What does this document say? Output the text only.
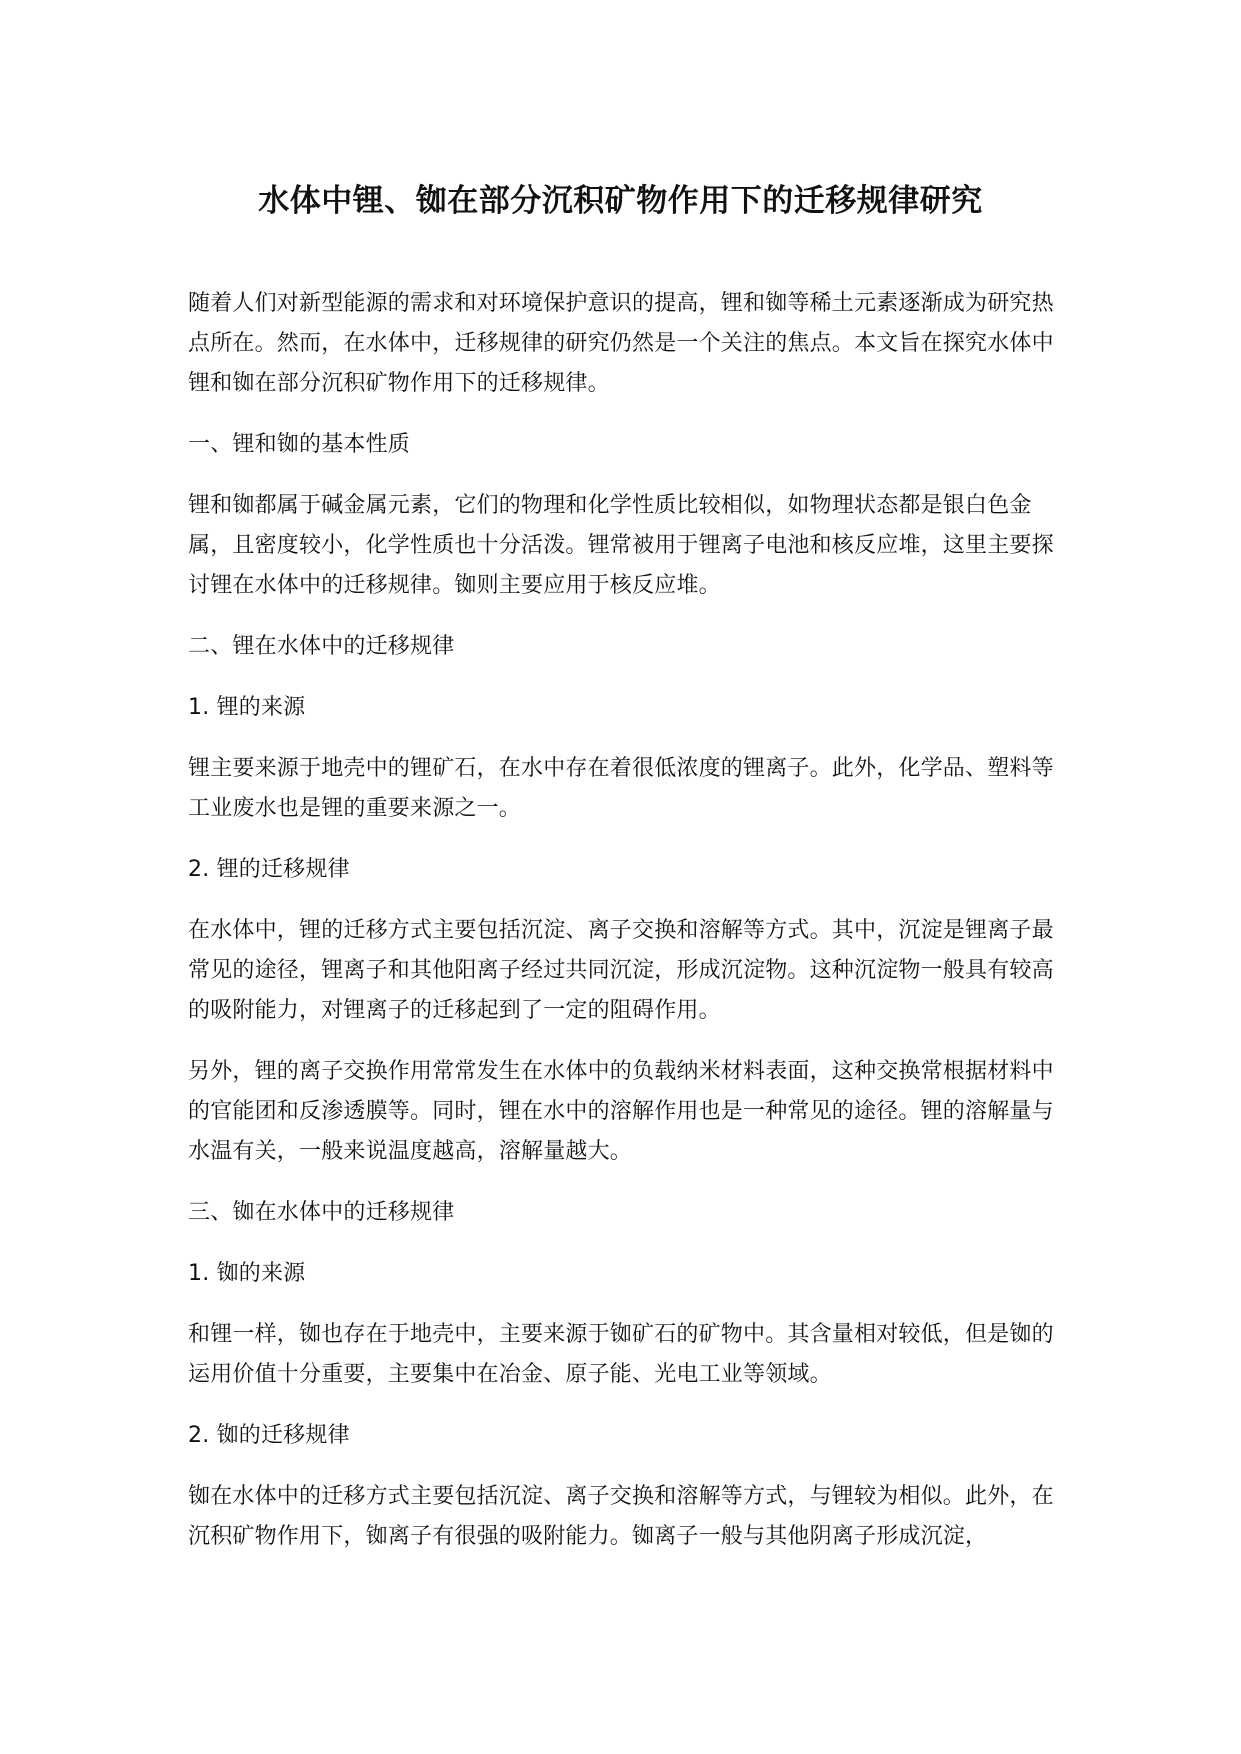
水体中锂、铷在部分沉积矿物作用下的迁移规律研究

随着人们对新型能源的需求和对环境保护意识的提高，锂和铷等稀土元素逐渐成为研究热点所在。然而，在水体中，迁移规律的研究仍然是一个关注的焦点。本文旨在探究水体中锂和铷在部分沉积矿物作用下的迁移规律。

一、锂和铷的基本性质

锂和铷都属于碱金属元素，它们的物理和化学性质比较相似，如物理状态都是银白色金属，且密度较小，化学性质也十分活泼。锂常被用于锂离子电池和核反应堆，这里主要探讨锂在水体中的迁移规律。铷则主要应用于核反应堆。

二、锂在水体中的迁移规律

1. 锂的来源

锂主要来源于地壳中的锂矿石，在水中存在着很低浓度的锂离子。此外，化学品、塑料等工业废水也是锂的重要来源之一。

2. 锂的迁移规律

在水体中，锂的迁移方式主要包括沉淀、离子交换和溶解等方式。其中，沉淀是锂离子最常见的途径，锂离子和其他阳离子经过共同沉淀，形成沉淀物。这种沉淀物一般具有较高的吸附能力，对锂离子的迁移起到了一定的阻碍作用。

另外，锂的离子交换作用常常发生在水体中的负载纳米材料表面，这种交换常根据材料中的官能团和反渗透膜等。同时，锂在水中的溶解作用也是一种常见的途径。锂的溶解量与水温有关，一般来说温度越高，溶解量越大。

三、铷在水体中的迁移规律

1. 铷的来源

和锂一样，铷也存在于地壳中，主要来源于铷矿石的矿物中。其含量相对较低，但是铷的运用价值十分重要，主要集中在冶金、原子能、光电工业等领域。

2. 铷的迁移规律

铷在水体中的迁移方式主要包括沉淀、离子交换和溶解等方式，与锂较为相似。此外，在沉积矿物作用下，铷离子有很强的吸附能力。铷离子一般与其他阴离子形成沉淀，
